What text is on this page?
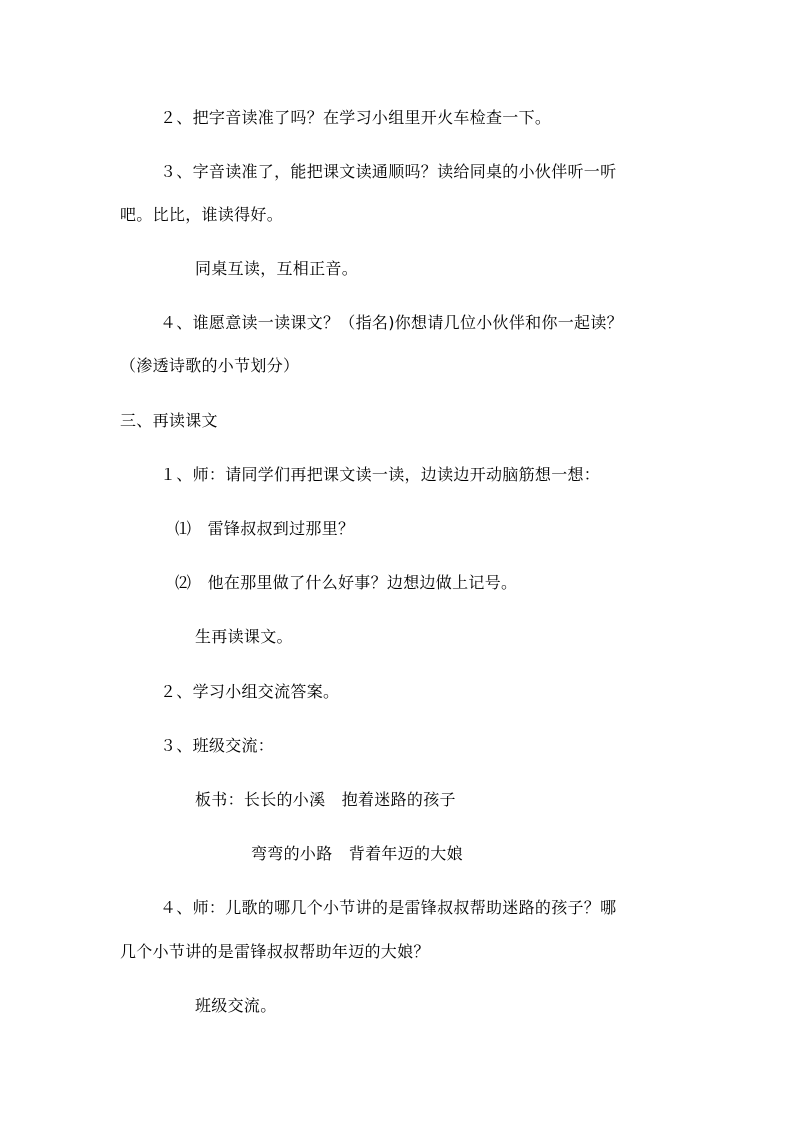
２、把字音读准了吗？在学习小组里开火车检查一下。
３、字音读准了，能把课文读通顺吗？读给同桌的小伙伴听一听
吧。比比，谁读得好。
同桌互读，互相正音。
４、谁愿意读一读课文？（指名)你想请几位小伙伴和你一起读？
（渗透诗歌的小节划分）
三、再读课文
１、师：请同学们再把课文读一读，边读边开动脑筋想一想：
⑴　雷锋叔叔到过那里？
⑵　他在那里做了什么好事？边想边做上记号。
生再读课文。
２、学习小组交流答案。
３、班级交流：
板书：长长的小溪　抱着迷路的孩子
弯弯的小路　背着年迈的大娘
４、师：儿歌的哪几个小节讲的是雷锋叔叔帮助迷路的孩子？哪
几个小节讲的是雷锋叔叔帮助年迈的大娘？
班级交流。
